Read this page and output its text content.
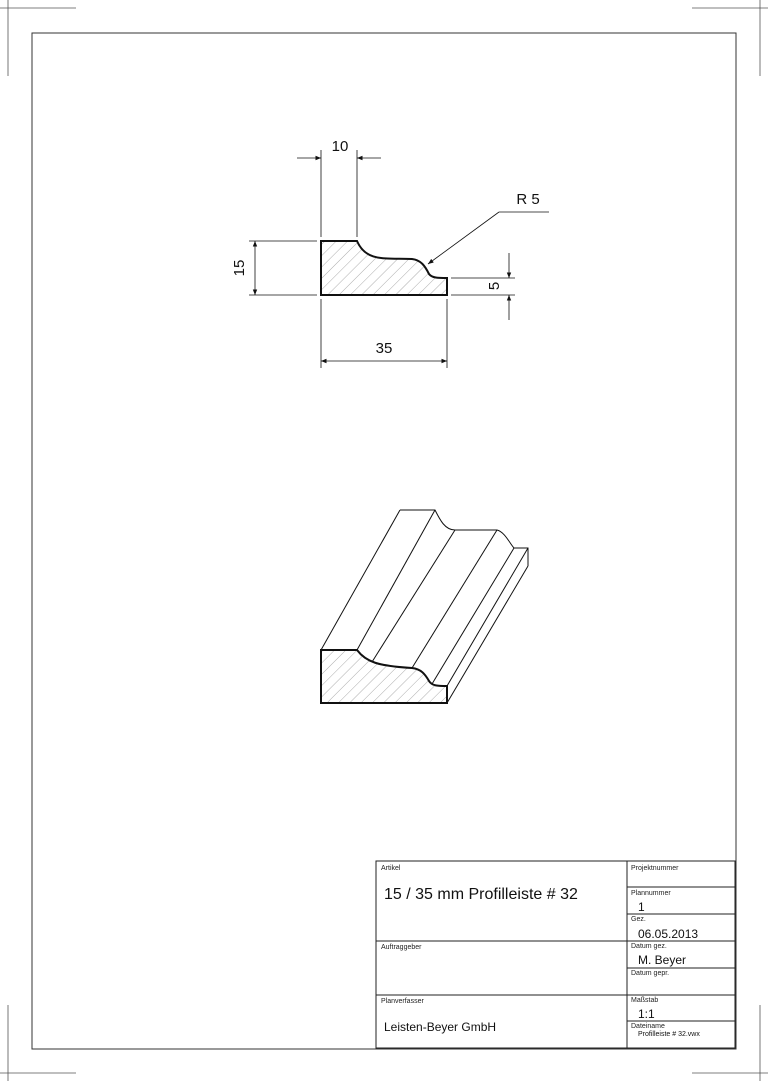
10
R 5
15
5
35
Artikel
15 / 35 mm Profilleiste # 32
Projektnummer
Plannummer
1
Gez.
06.05.2013
Auftraggeber	Datum gez.
M. Beyer
Datum gepr.
Planverfasser
Leisten-Beyer GmbH
Maßstab
1:1
Dateiname
Profilleiste # 32.vwx
